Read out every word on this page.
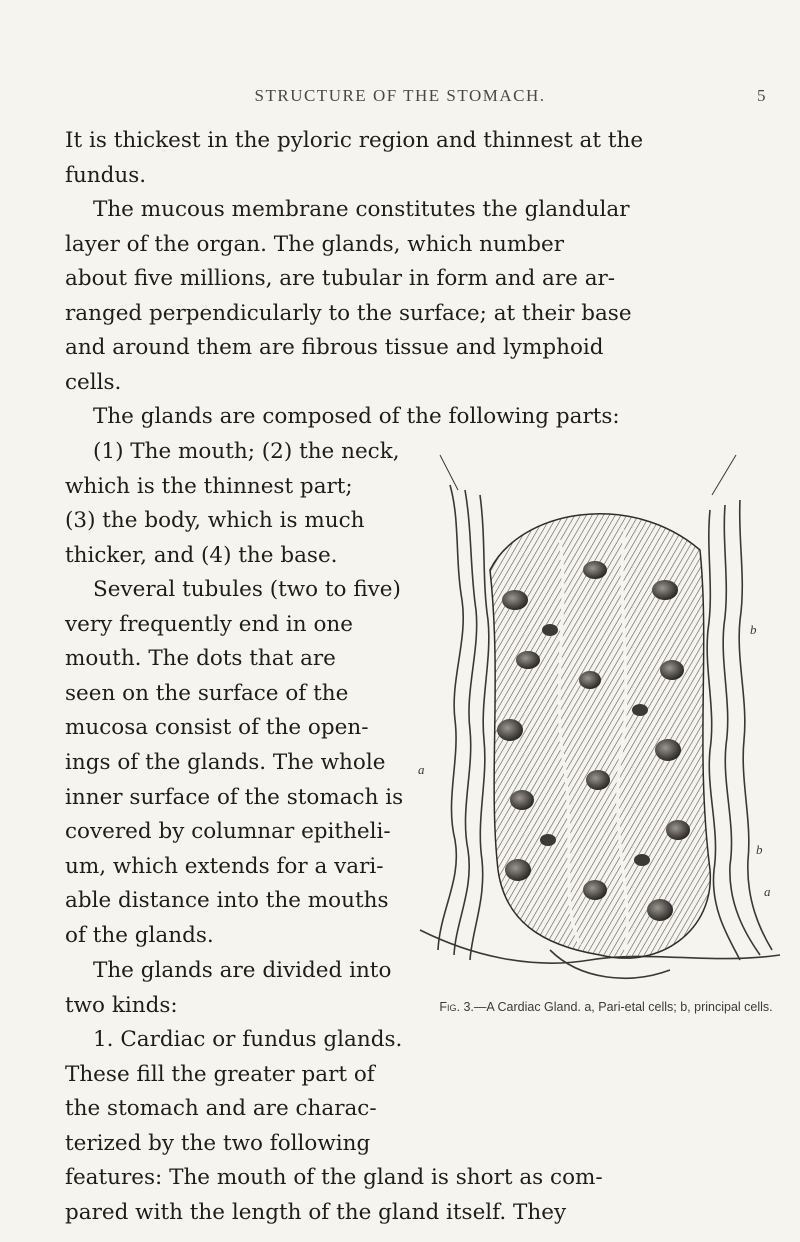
STRUCTURE OF THE STOMACH.	5
It is thickest in the pyloric region and thinnest at the
fundus.
The mucous membrane constitutes the glandular
layer of the organ. The glands, which number
about five millions, are tubular in form and are ar-
ranged perpendicularly to the surface; at their base
and around them are fibrous tissue and lymphoid
cells.
The glands are composed of the following parts:
(1) The mouth; (2) the neck,
which is the thinnest part;
(3) the body, which is much
thicker, and (4) the base.
Several tubules (two to five)
very frequently end in one
mouth. The dots that are
seen on the surface of the
mucosa consist of the open-
ings of the glands. The whole
inner surface of the stomach is
covered by columnar epitheli-
um, which extends for a vari-
able distance into the mouths
of the glands.
The glands are divided into
two kinds:
1. Cardiac or fundus glands.
These fill the greater part of
the stomach and are charac-
terized by the two following
features: The mouth of the gland is short as com-
pared with the length of the gland itself. They
a
b
b
a
Fig. 3.—A Cardiac Gland. a, Pari-etal cells; b, principal cells.
